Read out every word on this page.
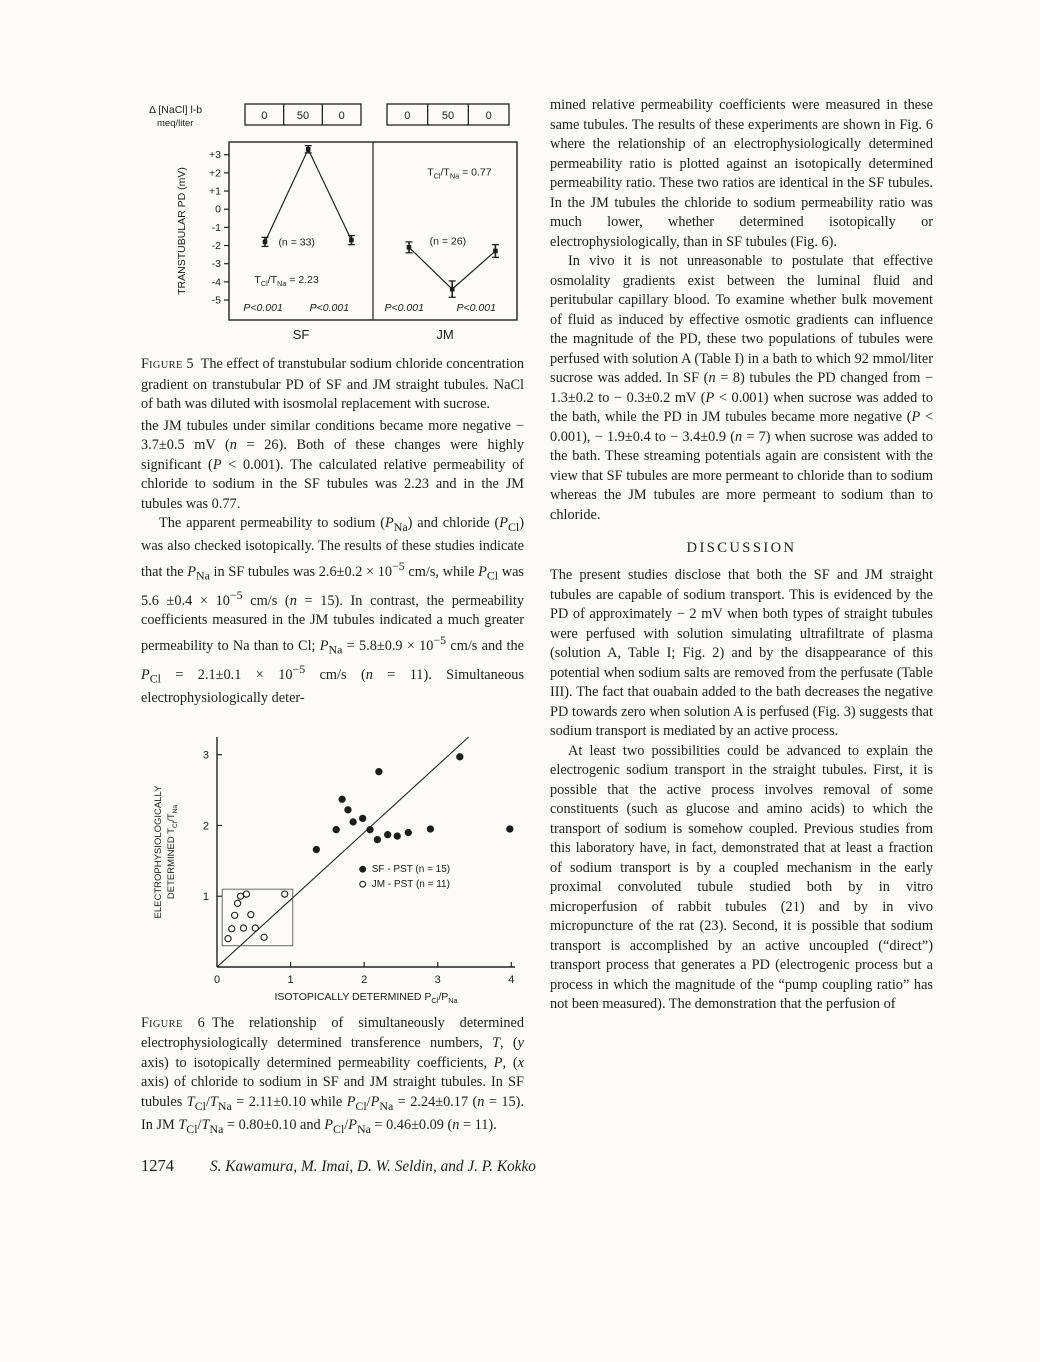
Δ [NaCl] l-b
meq/liter
0	50	0	0	50	0
+3
+2
+1
0
-1
-2
-3
-4
-5
TRANSTUBULAR PD (mV)	(n = 33)
$T_{Cl}/T_{Na} = 2.23$
P<0.001	P<0.001
SF
(n = 26)
$T_{Cl}/T_{Na} = 0.77$
P<0.001	P<0.001
JM

FIGURE 5 The effect of transtubular sodium chloride concentration gradient on transtubular PD of SF and JM straight tubules. NaCl of bath was diluted with isosmolal replacement with sucrose.

the JM tubules under similar conditions became more negative − 3.7±0.5 mV (n = 26). Both of these changes were highly significant (P < 0.001). The calculated relative permeability of chloride to sodium in the SF tubules was 2.23 and in the JM tubules was 0.77.

The apparent permeability to sodium $(P_{Na})$ and chloride $(P_{Cl})$ was also checked isotopically. The results of these studies indicate that the $P_{Na}$ in SF tubules was $2.6\pm 0.2 \times 10^{-5}$ cm/s, while $P_{Cl}$ was $5.6 \pm 0.4 \times 10^{-5}$ cm/s (n = 15). In contrast, the permeability coefficients measured in the JM tubules indicated a much greater permeability to Na than to Cl; $P_{Na} = 5.8\pm 0.9 \times 10^{-5}$ cm/s and the $P_{Cl} = 2.1\pm 0.1 \times 10^{-5}$ cm/s (n = 11). Simultaneous electrophysiologically deter-

0	1	2	3	4
1
2
3
SF - PST (n = 15)
JM - PST (n = 11)
ISOTOPICALLY DETERMINED $P_{Cl}/P_{Na}$
ELECTROPHYSIOLOGICALLY DETERMINED $T_{Cl}/T_{Na}$

FIGURE 6 The relationship of simultaneously determined electrophysiologically determined transference numbers, T, (y axis) to isotopically determined permeability coefficients, P, (x axis) of chloride to sodium in SF and JM straight tubules. In SF tubules $T_{Cl}/T_{Na} = 2.11\pm 0.10$ while $P_{Cl}/P_{Na} = 2.24\pm 0.17$ (n = 15). In JM $T_{Cl}/T_{Na} = 0.80\pm 0.10$ and $P_{Cl}/P_{Na} = 0.46\pm 0.09$ (n = 11).

mined relative permeability coefficients were measured in these same tubules. The results of these experiments are shown in Fig. 6 where the relationship of an electrophysiologically determined permeability ratio is plotted against an isotopically determined permeability ratio. These two ratios are identical in the SF tubules. In the JM tubules the chloride to sodium permeability ratio was much lower, whether determined isotopically or electrophysiologically, than in SF tubules (Fig. 6).

In vivo it is not unreasonable to postulate that effective osmolality gradients exist between the luminal fluid and peritubular capillary blood. To examine whether bulk movement of fluid as induced by effective osmotic gradients can influence the magnitude of the PD, these two populations of tubules were perfused with solution A (Table I) in a bath to which 92 mmol/liter sucrose was added. In SF (n = 8) tubules the PD changed from − 1.3±0.2 to − 0.3±0.2 mV (P < 0.001) when sucrose was added to the bath, while the PD in JM tubules became more negative (P < 0.001), − 1.9±0.4 to − 3.4±0.9 (n = 7) when sucrose was added to the bath. These streaming potentials again are consistent with the view that SF tubules are more permeant to chloride than to sodium whereas the JM tubules are more permeant to sodium than to chloride.

DISCUSSION

The present studies disclose that both the SF and JM straight tubules are capable of sodium transport. This is evidenced by the PD of approximately − 2 mV when both types of straight tubules were perfused with solution simulating ultrafiltrate of plasma (solution A, Table I; Fig. 2) and by the disappearance of this potential when sodium salts are removed from the perfusate (Table III). The fact that ouabain added to the bath decreases the negative PD towards zero when solution A is perfused (Fig. 3) suggests that sodium transport is mediated by an active process.

At least two possibilities could be advanced to explain the electrogenic sodium transport in the straight tubules. First, it is possible that the active process involves removal of some constituents (such as glucose and amino acids) to which the transport of sodium is somehow coupled. Previous studies from this laboratory have, in fact, demonstrated that at least a fraction of sodium transport is by a coupled mechanism in the early proximal convoluted tubule studied both by in vitro microperfusion of rabbit tubules (21) and by in vivo micropuncture of the rat (23). Second, it is possible that sodium transport is accomplished by an active uncoupled (“direct”) transport process that generates a PD (electrogenic process but a process in which the magnitude of the “pump coupling ratio” has not been measured). The demonstration that the perfusion of

1274 S. Kawamura, M. Imai, D. W. Seldin, and J. P. Kokko
